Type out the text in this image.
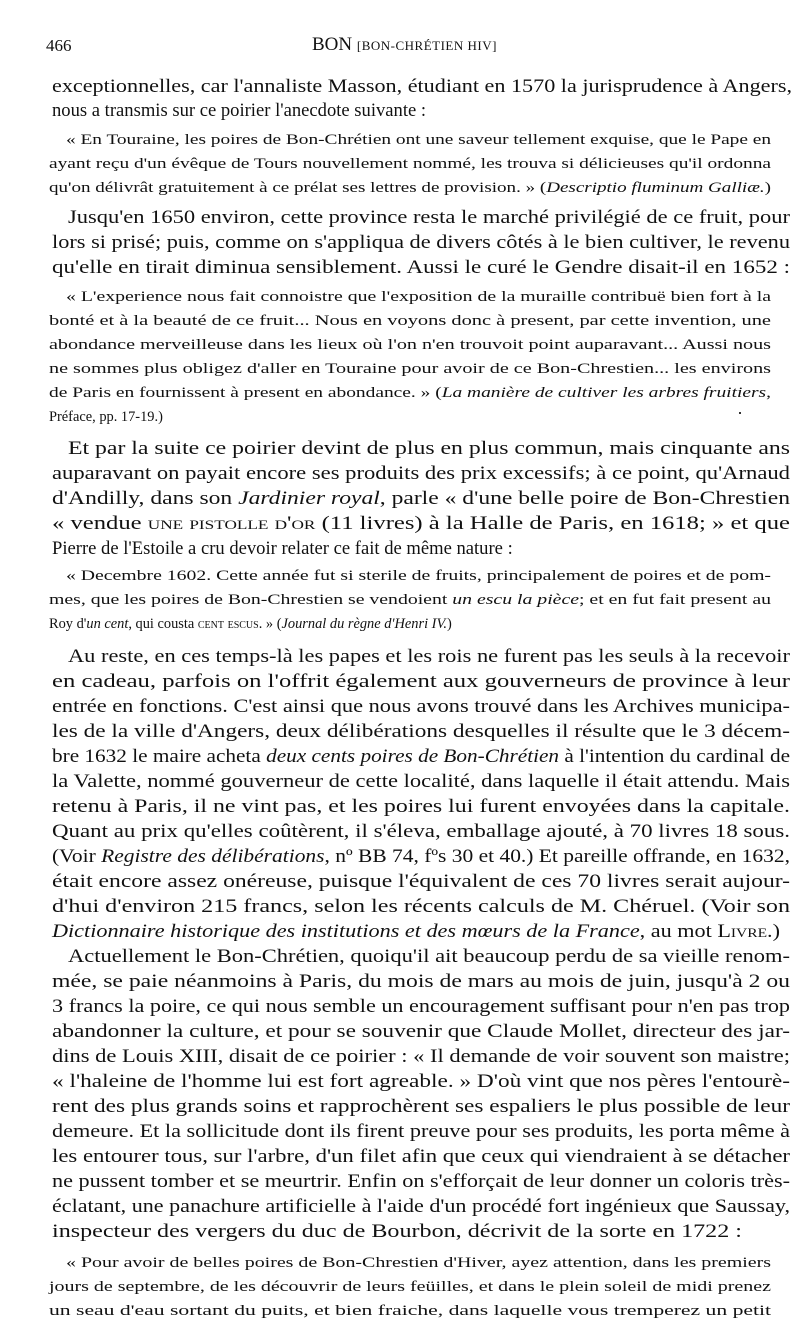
466	BON [BON-CHRÉTIEN HIV]
exceptionnelles, car l'annaliste Masson, étudiant en 1570 la jurisprudence à Angers,
nous a transmis sur ce poirier l'anecdote suivante :
« En Touraine, les poires de Bon-Chrétien ont une saveur tellement exquise, que le Pape en
ayant reçu d'un évêque de Tours nouvellement nommé, les trouva si délicieuses qu'il ordonna
qu'on délivrât gratuitement à ce prélat ses lettres de provision. » (Descriptio fluminum Galliæ.)
Jusqu'en 1650 environ, cette province resta le marché privilégié de ce fruit, pour
lors si prisé; puis, comme on s'appliqua de divers côtés à le bien cultiver, le revenu
qu'elle en tirait diminua sensiblement. Aussi le curé le Gendre disait-il en 1652 :
« L'experience nous fait connoistre que l'exposition de la muraille contribuë bien fort à la
bonté et à la beauté de ce fruit... Nous en voyons donc à present, par cette invention, une
abondance merveilleuse dans les lieux où l'on n'en trouvoit point auparavant... Aussi nous
ne sommes plus obligez d'aller en Touraine pour avoir de ce Bon-Chrestien... les environs
de Paris en fournissent à present en abondance. » (La manière de cultiver les arbres fruitiers,
Préface, pp. 17-19.)
Et par la suite ce poirier devint de plus en plus commun, mais cinquante ans
auparavant on payait encore ses produits des prix excessifs; à ce point, qu'Arnaud
d'Andilly, dans son Jardinier royal, parle « d'une belle poire de Bon-Chrestien
« vendue une pistolle d'or (11 livres) à la Halle de Paris, en 1618; » et que
Pierre de l'Estoile a cru devoir relater ce fait de même nature :
« Decembre 1602. Cette année fut si sterile de fruits, principalement de poires et de pom-
mes, que les poires de Bon-Chrestien se vendoient un escu la pièce; et en fut fait present au
Roy d'un cent, qui cousta cent escus. » (Journal du règne d'Henri IV.)
Au reste, en ces temps-là les papes et les rois ne furent pas les seuls à la recevoir
en cadeau, parfois on l'offrit également aux gouverneurs de province à leur
entrée en fonctions. C'est ainsi que nous avons trouvé dans les Archives municipa-
les de la ville d'Angers, deux délibérations desquelles il résulte que le 3 décem-
bre 1632 le maire acheta deux cents poires de Bon-Chrétien à l'intention du cardinal de
la Valette, nommé gouverneur de cette localité, dans laquelle il était attendu. Mais
retenu à Paris, il ne vint pas, et les poires lui furent envoyées dans la capitale.
Quant au prix qu'elles coûtèrent, il s'éleva, emballage ajouté, à 70 livres 18 sous.
(Voir Registre des délibérations, nº BB 74, fºs 30 et 40.) Et pareille offrande, en 1632,
était encore assez onéreuse, puisque l'équivalent de ces 70 livres serait aujour-
d'hui d'environ 215 francs, selon les récents calculs de M. Chéruel. (Voir son
Dictionnaire historique des institutions et des mœurs de la France, au mot Livre.)
Actuellement le Bon-Chrétien, quoiqu'il ait beaucoup perdu de sa vieille renom-
mée, se paie néanmoins à Paris, du mois de mars au mois de juin, jusqu'à 2 ou
3 francs la poire, ce qui nous semble un encouragement suffisant pour n'en pas trop
abandonner la culture, et pour se souvenir que Claude Mollet, directeur des jar-
dins de Louis XIII, disait de ce poirier : « Il demande de voir souvent son maistre;
« l'haleine de l'homme lui est fort agreable. » D'où vint que nos pères l'entourè-
rent des plus grands soins et rapprochèrent ses espaliers le plus possible de leur
demeure. Et la sollicitude dont ils firent preuve pour ses produits, les porta même à
les entourer tous, sur l'arbre, d'un filet afin que ceux qui viendraient à se détacher
ne pussent tomber et se meurtrir. Enfin on s'efforçait de leur donner un coloris très-
éclatant, une panachure artificielle à l'aide d'un procédé fort ingénieux que Saussay,
inspecteur des vergers du duc de Bourbon, décrivit de la sorte en 1722 :
« Pour avoir de belles poires de Bon-Chrestien d'Hiver, ayez attention, dans les premiers
jours de septembre, de les découvrir de leurs feüilles, et dans le plein soleil de midi prenez
un seau d'eau sortant du puits, et bien fraiche, dans laquelle vous tremperez un petit
